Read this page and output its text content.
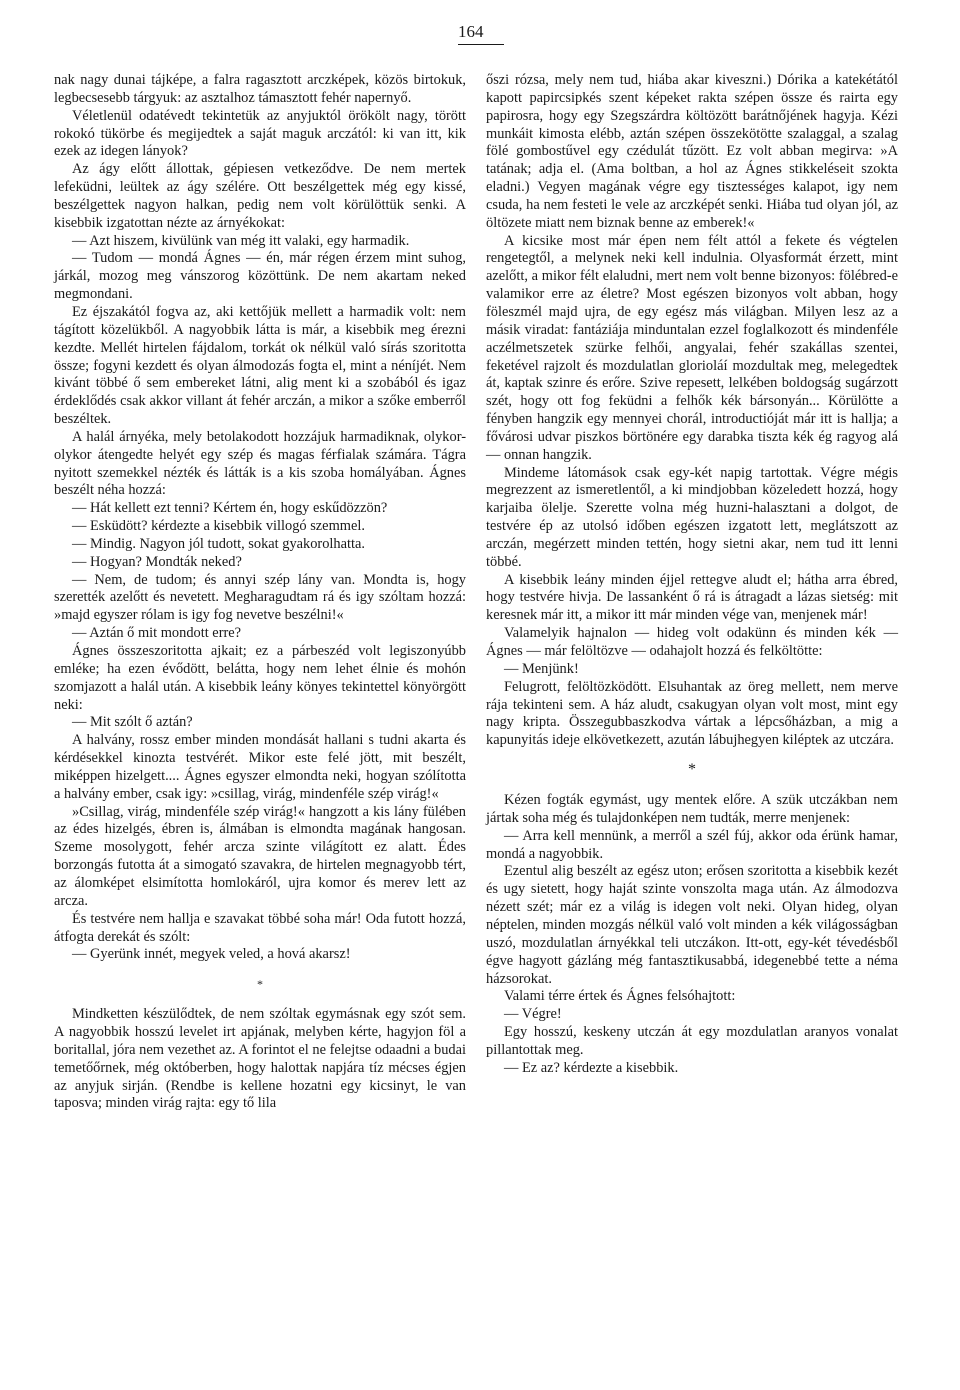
164

nak nagy dunai tájképe, a falra ragasztott arczképek, közös birtokuk, legbecsesebb tárgyuk: az asztalhoz támasztott fehér napernyő.

Véletlenül odatévedt tekintetük az anyjuktól örökölt nagy, törött rokokó tükörbe és megijedtek a saját maguk arczától: ki van itt, kik ezek az idegen lányok?

Az ágy előtt állottak, gépiesen vetkeződve. De nem mertek lefeküdni, leültek az ágy szélére. Ott beszélgettek még egy kissé, beszélgettek nagyon halkan, pedig nem volt körülöttük senki. A kisebbik izgatottan nézte az árnyékokat:

— Azt hiszem, kivülünk van még itt valaki, egy harmadik.

— Tudom — mondá Ágnes — én, már régen érzem mint suhog, járkál, mozog meg vánszorog közöttünk. De nem akartam neked megmondani.

Ez éjszakától fogva az, aki kettőjük mellett a harmadik volt: nem tágított közelükből. A nagyobbik látta is már, a kisebbik meg érezni kezdte. Mellét hirtelen fájdalom, torkát ok nélkül való sírás szoritotta össze; fogyni kezdett és olyan álmodozás fogta el, mint a néníjét. Nem kivánt többé ő sem embereket látni, alig ment ki a szobából és igaz érdeklődés csak akkor villant át fehér arczán, a mikor a szőke emberről beszéltek.

A halál árnyéka, mely betolakodott hozzájuk harmadiknak, olykor-olykor átengedte helyét egy szép és magas férfialak számára. Tágra nyitott szemekkel nézték és látták is a kis szoba homályában. Ágnes beszélt néha hozzá:

— Hát kellett ezt tenni? Kértem én, hogy eskűdözzön?

— Esküdött? kérdezte a kisebbik villogó szemmel.

— Mindig. Nagyon jól tudott, sokat gyakorolhatta.

— Hogyan? Mondták neked?

— Nem, de tudom; és annyi szép lány van. Mondta is, hogy szerették azelőtt és nevetett. Megharagudtam rá és igy szóltam hozzá: »majd egyszer rólam is igy fog nevetve beszélni!«

— Aztán ő mit mondott erre?

Ágnes összeszoritotta ajkait; ez a párbeszéd volt legiszonyúbb emléke; ha ezen évődött, belátta, hogy nem lehet élnie és mohón szomjazott a halál után. A kisebbik leány könyes tekintettel könyörgött neki:

— Mit szólt ő aztán?

A halvány, rossz ember minden mondását hallani s tudni akarta és kérdésekkel kinozta testvérét. Mikor este felé jött, mit beszélt, miképpen hizelgett.... Ágnes egyszer elmondta neki, hogyan szólította a halvány ember, csak igy: »csillag, virág, mindenféle szép virág!«

»Csillag, virág, mindenféle szép virág!« hangzott a kis lány fülében az édes hizelgés, ébren is, álmában is elmondta magának hangosan. Szeme mosolygott, fehér arcza szinte világított ez alatt. Édes borzongás futotta át a simogató szavakra, de hirtelen megnagyobb tért, az álomképet elsimította homlokáról, ujra komor és merev lett az arcza.

És testvére nem hallja e szavakat többé soha már! Oda futott hozzá, átfogta derekát és szólt:

— Gyerünk innét, megyek veled, a hová akarsz!

*

Mindketten készülődtek, de nem szóltak egymásnak egy szót sem. A nagyobbik hosszú levelet irt apjának, melyben kérte, hagyjon föl a boritallal, jóra nem vezethet az. A forintot el ne felejtse odaadni a budai temetőőrnek, még októberben, hogy halottak napjára tíz mécses égjen az anyjuk sirján. (Rendbe is kellene hozatni egy kicsinyt, le van taposva; minden virág rajta: egy tő lila

őszi rózsa, mely nem tud, hiába akar kiveszni.) Dórika a katekétától kapott papircsipkés szent képeket rakta szépen össze és rairta egy papirosra, hogy egy Szegszárdra költözött barátnőjének hagyja. Kézi munkáit kimosta elébb, aztán szépen összekötötte szalaggal, a szalag fölé gombostűvel egy czédulát tűzött. Ez volt abban megirva: »A tatának; adja el. (Ama boltban, a hol az Ágnes stikkeléseit szokta eladni.) Vegyen magának végre egy tisztességes kalapot, igy nem csuda, ha nem festeti le vele az arczképét senki. Hiába tud olyan jól, az öltözete miatt nem biznak benne az emberek!«

A kicsike most már épen nem félt attól a fekete és végtelen rengetegtől, a melynek neki kell indulnia. Olyasformát érzett, mint azelőtt, a mikor félt elaludni, mert nem volt benne bizonyos: fölébred-e valamikor erre az életre? Most egészen bizonyos volt abban, hogy föleszmél majd ujra, de egy egész más világban. Milyen lesz az a másik viradat: fantáziája minduntalan ezzel foglalkozott és mindenféle aczélmetszetek szürke felhői, angyalai, fehér szakállas szentei, feketével rajzolt és mozdulatlan glorioláí mozdultak meg, melegedtek át, kaptak szinre és erőre. Szive repesett, lelkében boldogság sugárzott szét, hogy ott fog feküdni a felhők kék bársonyán... Körülötte a fényben hangzik egy mennyei chorál, introductióját már itt is hallja; a fővárosi udvar piszkos börtönére egy darabka tiszta kék ég ragyog alá — onnan hangzik.

Mindeme látomások csak egy-két napig tartottak. Végre mégis megrezzent az ismeretlentől, a ki mindjobban közeledett hozzá, hogy karjaiba ölelje. Szerette volna még huzni-halasztani a dolgot, de testvére ép az utolsó időben egészen izgatott lett, meglátszott az arczán, megérzett minden tettén, hogy sietni akar, nem tud itt lenni többé.

A kisebbik leány minden éjjel rettegve aludt el; hátha arra ébred, hogy testvére hivja. De lassanként ő rá is átragadt a lázas sietség: mit keresnek már itt, a mikor itt már minden vége van, menjenek már!

Valamelyik hajnalon — hideg volt odakünn és minden kék — Ágnes — már felöltözve — odahajolt hozzá és felköltötte:

— Menjünk!

Felugrott, felöltözködött. Elsuhantak az öreg mellett, nem merve rája tekinteni sem. A ház aludt, csakugyan olyan volt most, mint egy nagy kripta. Összegubbaszkodva vártak a lépcsőházban, a mig a kapunyitás ideje elkövetkezett, azután lábujhegyen kiléptek az utczára.

*

Kézen fogták egymást, ugy mentek előre. A szük utczákban nem jártak soha még és tulajdonképen nem tudták, merre menjenek:

— Arra kell mennünk, a merről a szél fúj, akkor oda érünk hamar, mondá a nagyobbik.

Ezentul alig beszélt az egész uton; erősen szoritotta a kisebbik kezét és ugy sietett, hogy haját szinte vonszolta maga után. Az álmodozva nézett szét; már ez a világ is idegen volt neki. Olyan hideg, olyan néptelen, minden mozgás nélkül való volt minden a kék világosságban uszó, mozdulatlan árnyékkal teli utczákon. Itt-ott, egy-két tévedésből égve hagyott gázláng még fantasztikusabbá, idegenebbé tette a néma házsorokat.

Valami térre értek és Ágnes felsóhajtott:

— Végre!

Egy hosszú, keskeny utczán át egy mozdulatlan aranyos vonalat pillantottak meg.

— Ez az? kérdezte a kisebbik.
